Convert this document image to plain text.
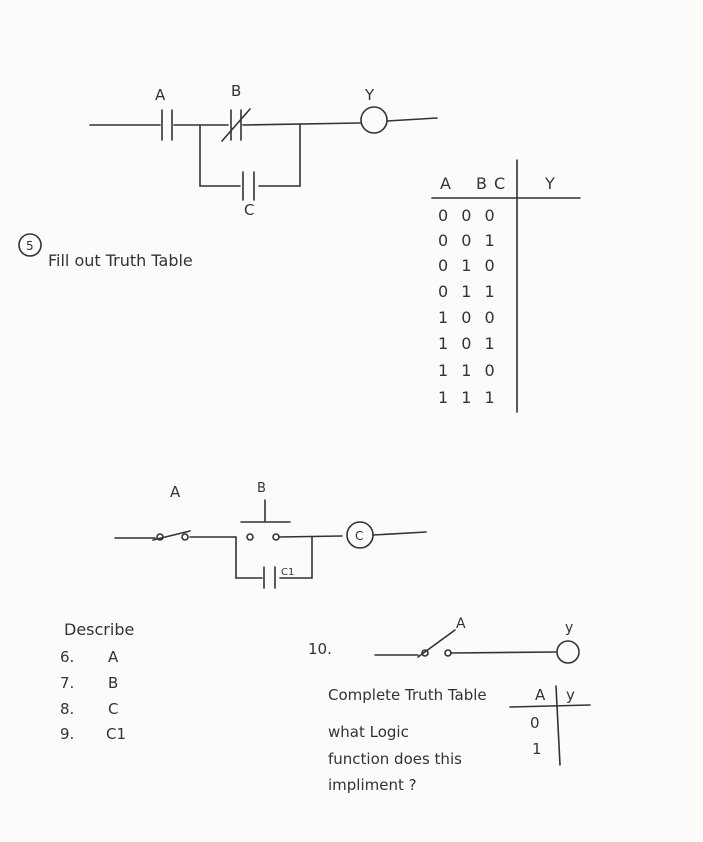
A	B
C
Y
5
A	B
C1
C
A	y
Fill out Truth Table
A B C Y
0 0 0
0 0 1
0 1 0
0 1 1
1 0 0
1 0 1
1 1 0
1 1 1
Describe
6. A
7. B
8. C
9. C1
10.
Complete Truth Table
what Logic
function does this
impliment ?
A y
0
1
